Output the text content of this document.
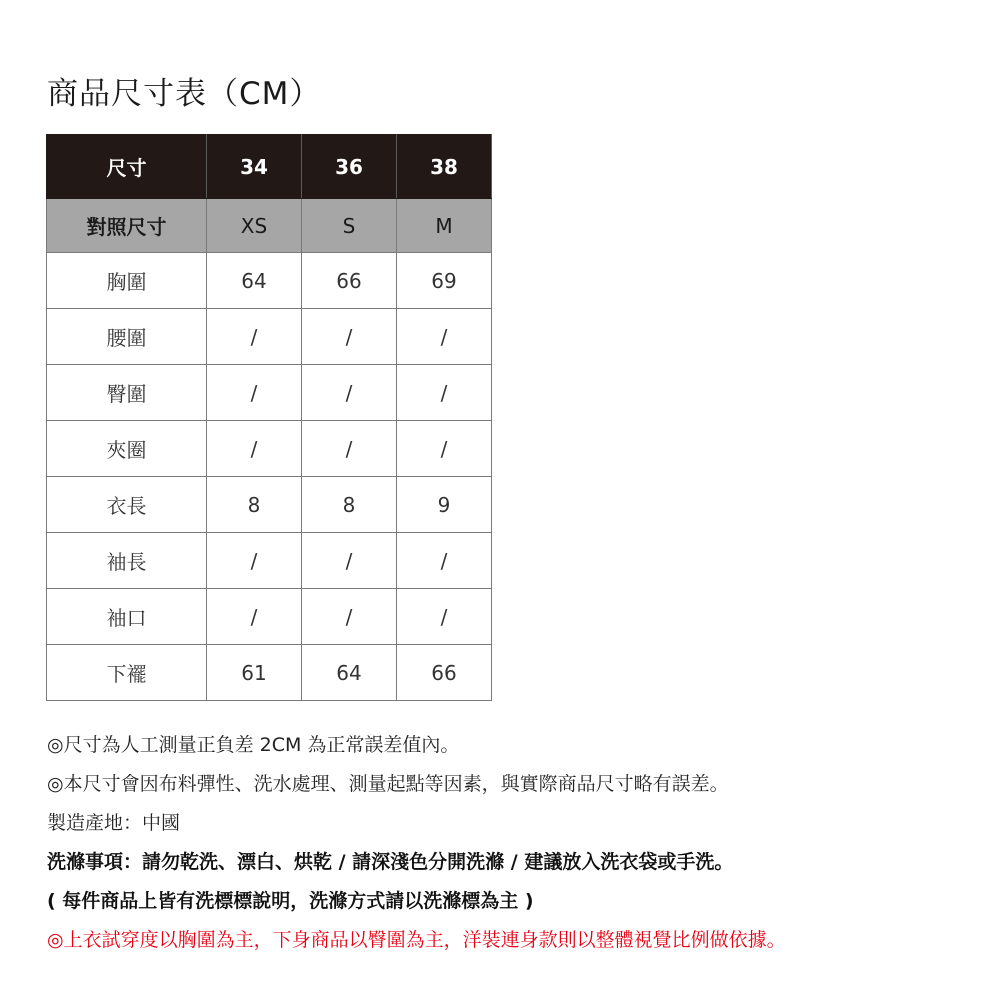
商品尺寸表（CM）
尺寸	34	36	38
對照尺寸	XS	S	M
胸圍	64	66	69
腰圍	/	/	/
臀圍	/	/	/
夾圈	/	/	/
衣長	8	8	9
袖長	/	/	/
袖口	/	/	/
下襬	61	64	66
◎尺寸為人工測量正負差 2CM 為正常誤差值內。
◎本尺寸會因布料彈性、洗水處理、測量起點等因素，與實際商品尺寸略有誤差。
製造產地：中國
洗滌事項：請勿乾洗、漂白、烘乾 / 請深淺色分開洗滌 / 建議放入洗衣袋或手洗。
( 每件商品上皆有洗標標說明，洗滌方式請以洗滌標為主 )
◎上衣試穿度以胸圍為主，下身商品以臀圍為主，洋裝連身款則以整體視覺比例做依據。
